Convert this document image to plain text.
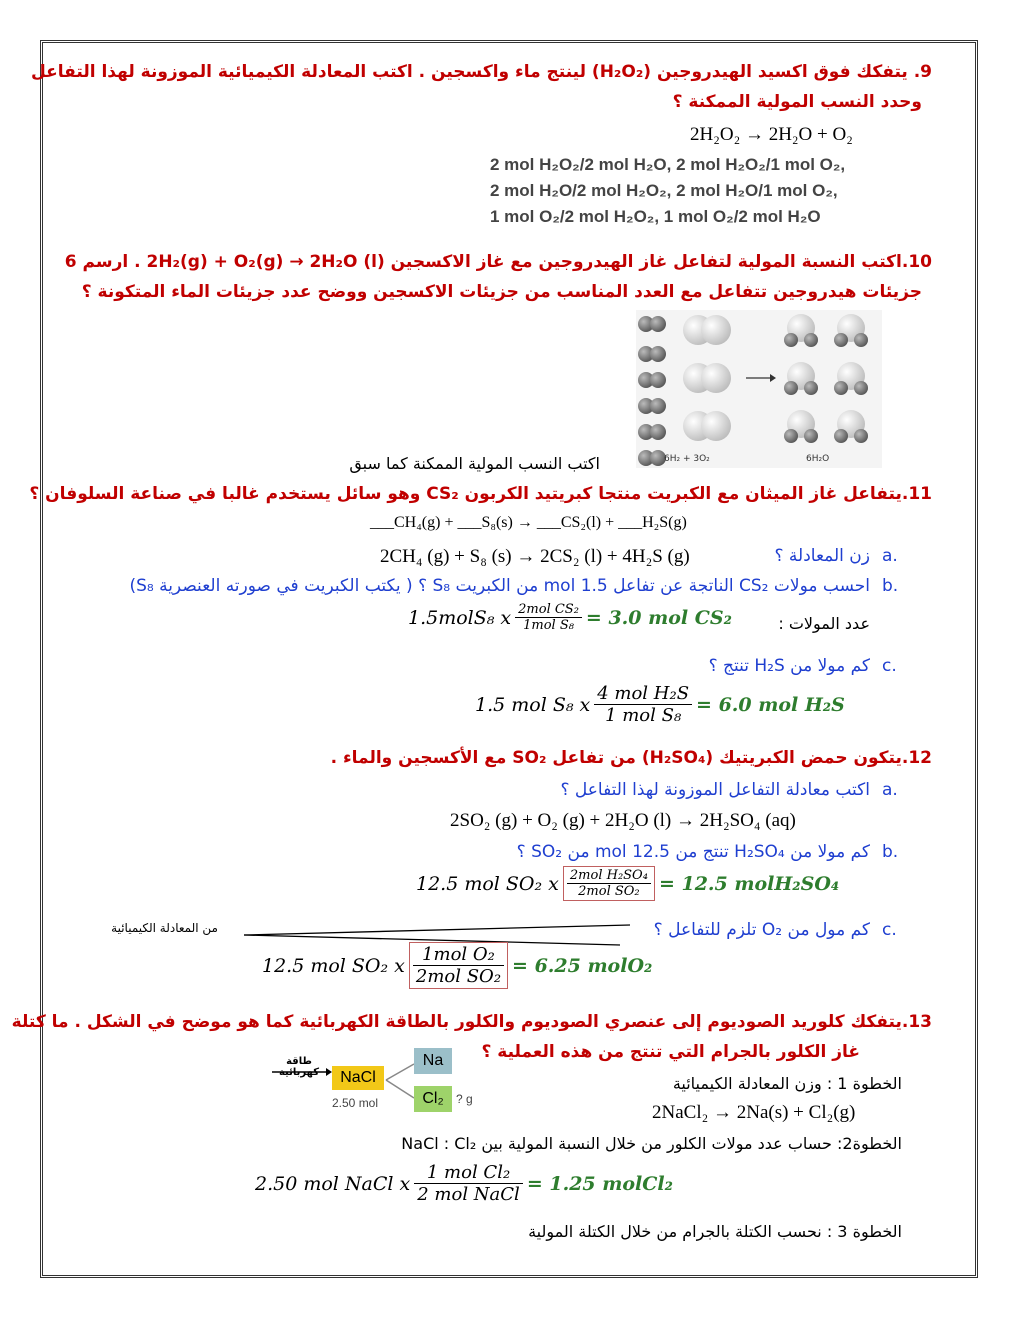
9. يتفكك فوق اكسيد الهيدروجين (H₂O₂) لينتج ماء واكسجين . اكتب المعادلة الكيميائية الموزونة لهذا التفاعل
وحدد النسب المولية الممكنة ؟
2H₂O₂ → 2H₂O + O₂
2 mol H₂O₂/2 mol H₂O, 2 mol H₂O₂/1 mol O₂,
2 mol H₂O/2 mol H₂O₂, 2 mol H₂O/1 mol O₂,
1 mol O₂/2 mol H₂O₂, 1 mol O₂/2 mol H₂O
10.اكتب النسبة المولية لتفاعل غاز الهيدروجين مع غاز الاكسجين 2H₂(g) + O₂(g) → 2H₂O (l) . ارسم 6
جزيئات هيدروجين تتفاعل مع العدد المناسب من جزيئات الاكسجين ووضح عدد جزيئات الماء المتكونة ؟
6H₂ + 3O₂	6H₂O
اكتب النسب المولية الممكنة كما سبق
11.يتفاعل غاز الميثان مع الكبريت منتجا كبريتيد الكربون CS₂ وهو سائل يستخدم غالبا في صناعة السلوفان ؟
___CH₄(g) + ___S₈(s) → ___CS₂(l) + ___H₂S(g)
a.
زن المعادلة ؟
2CH₄ (g) + S₈ (s) → 2CS₂ (l) + 4H₂S (g)
b.
احسب مولات CS₂ الناتجة عن تفاعل 1.5 mol من الكبريت S₈ ؟ ( يكتب الكبريت في صورته العنصرية S₈)
عدد المولات :
1.5molS₈ x $\frac{\text{2mol CS₂}}{\text{1mol S₈}} = 3.0$ mol CS₂
c.
كم مولا من H₂S تنتج ؟
1.5 mol S₈ x $\frac{\text{4 mol H₂S}}{\text{1 mol S₈}} = 6.0$ mol H₂S
12.يتكون حمض الكبريتيك (H₂SO₄) من تفاعل SO₂ مع الأكسجين والماء .
a.
اكتب معادلة التفاعل الموزونة لهذا التفاعل ؟
2SO₂ (g) + O₂ (g) + 2H₂O (l) → 2H₂SO₄ (aq)
b.
كم مولا من H₂SO₄ تنتج من 12.5 mol من SO₂ ؟
12.5 mol SO₂ x $\frac{\text{2mol H₂SO₄}}{\text{2mol SO₂}} = 12.5$ molH₂SO₄
من المعادلة الكيميائية	c.
كم مول من O₂ تلزم للتفاعل ؟
12.5 mol SO₂ x $\frac{\text{1mol O₂}}{\text{2mol SO₂}} = 6.25$ molO₂
13.يتفكك كلوريد الصوديوم إلى عنصري الصوديوم والكلور بالطاقة الكهربائية كما هو موضح في الشكل . ما كتلة
غاز الكلور بالجرام التي تنتج من هذه العملية ؟
طاقة كهربائية	NaCl
2.50 mol
Na
Cl₂	? g
الخطوة 1 : وزن المعادلة الكيميائية
2NaCl₂ → 2Na(s) + Cl₂(g)
الخطوة2: حساب عدد مولات الكلور من خلال النسبة المولية بين NaCl : Cl₂
2.50 mol NaCl x $\frac{\text{1 mol Cl₂}}{\text{2 mol NaCl}} = 1.25$ molCl₂
الخطوة 3 : نحسب الكتلة بالجرام من خلال الكتلة المولية
